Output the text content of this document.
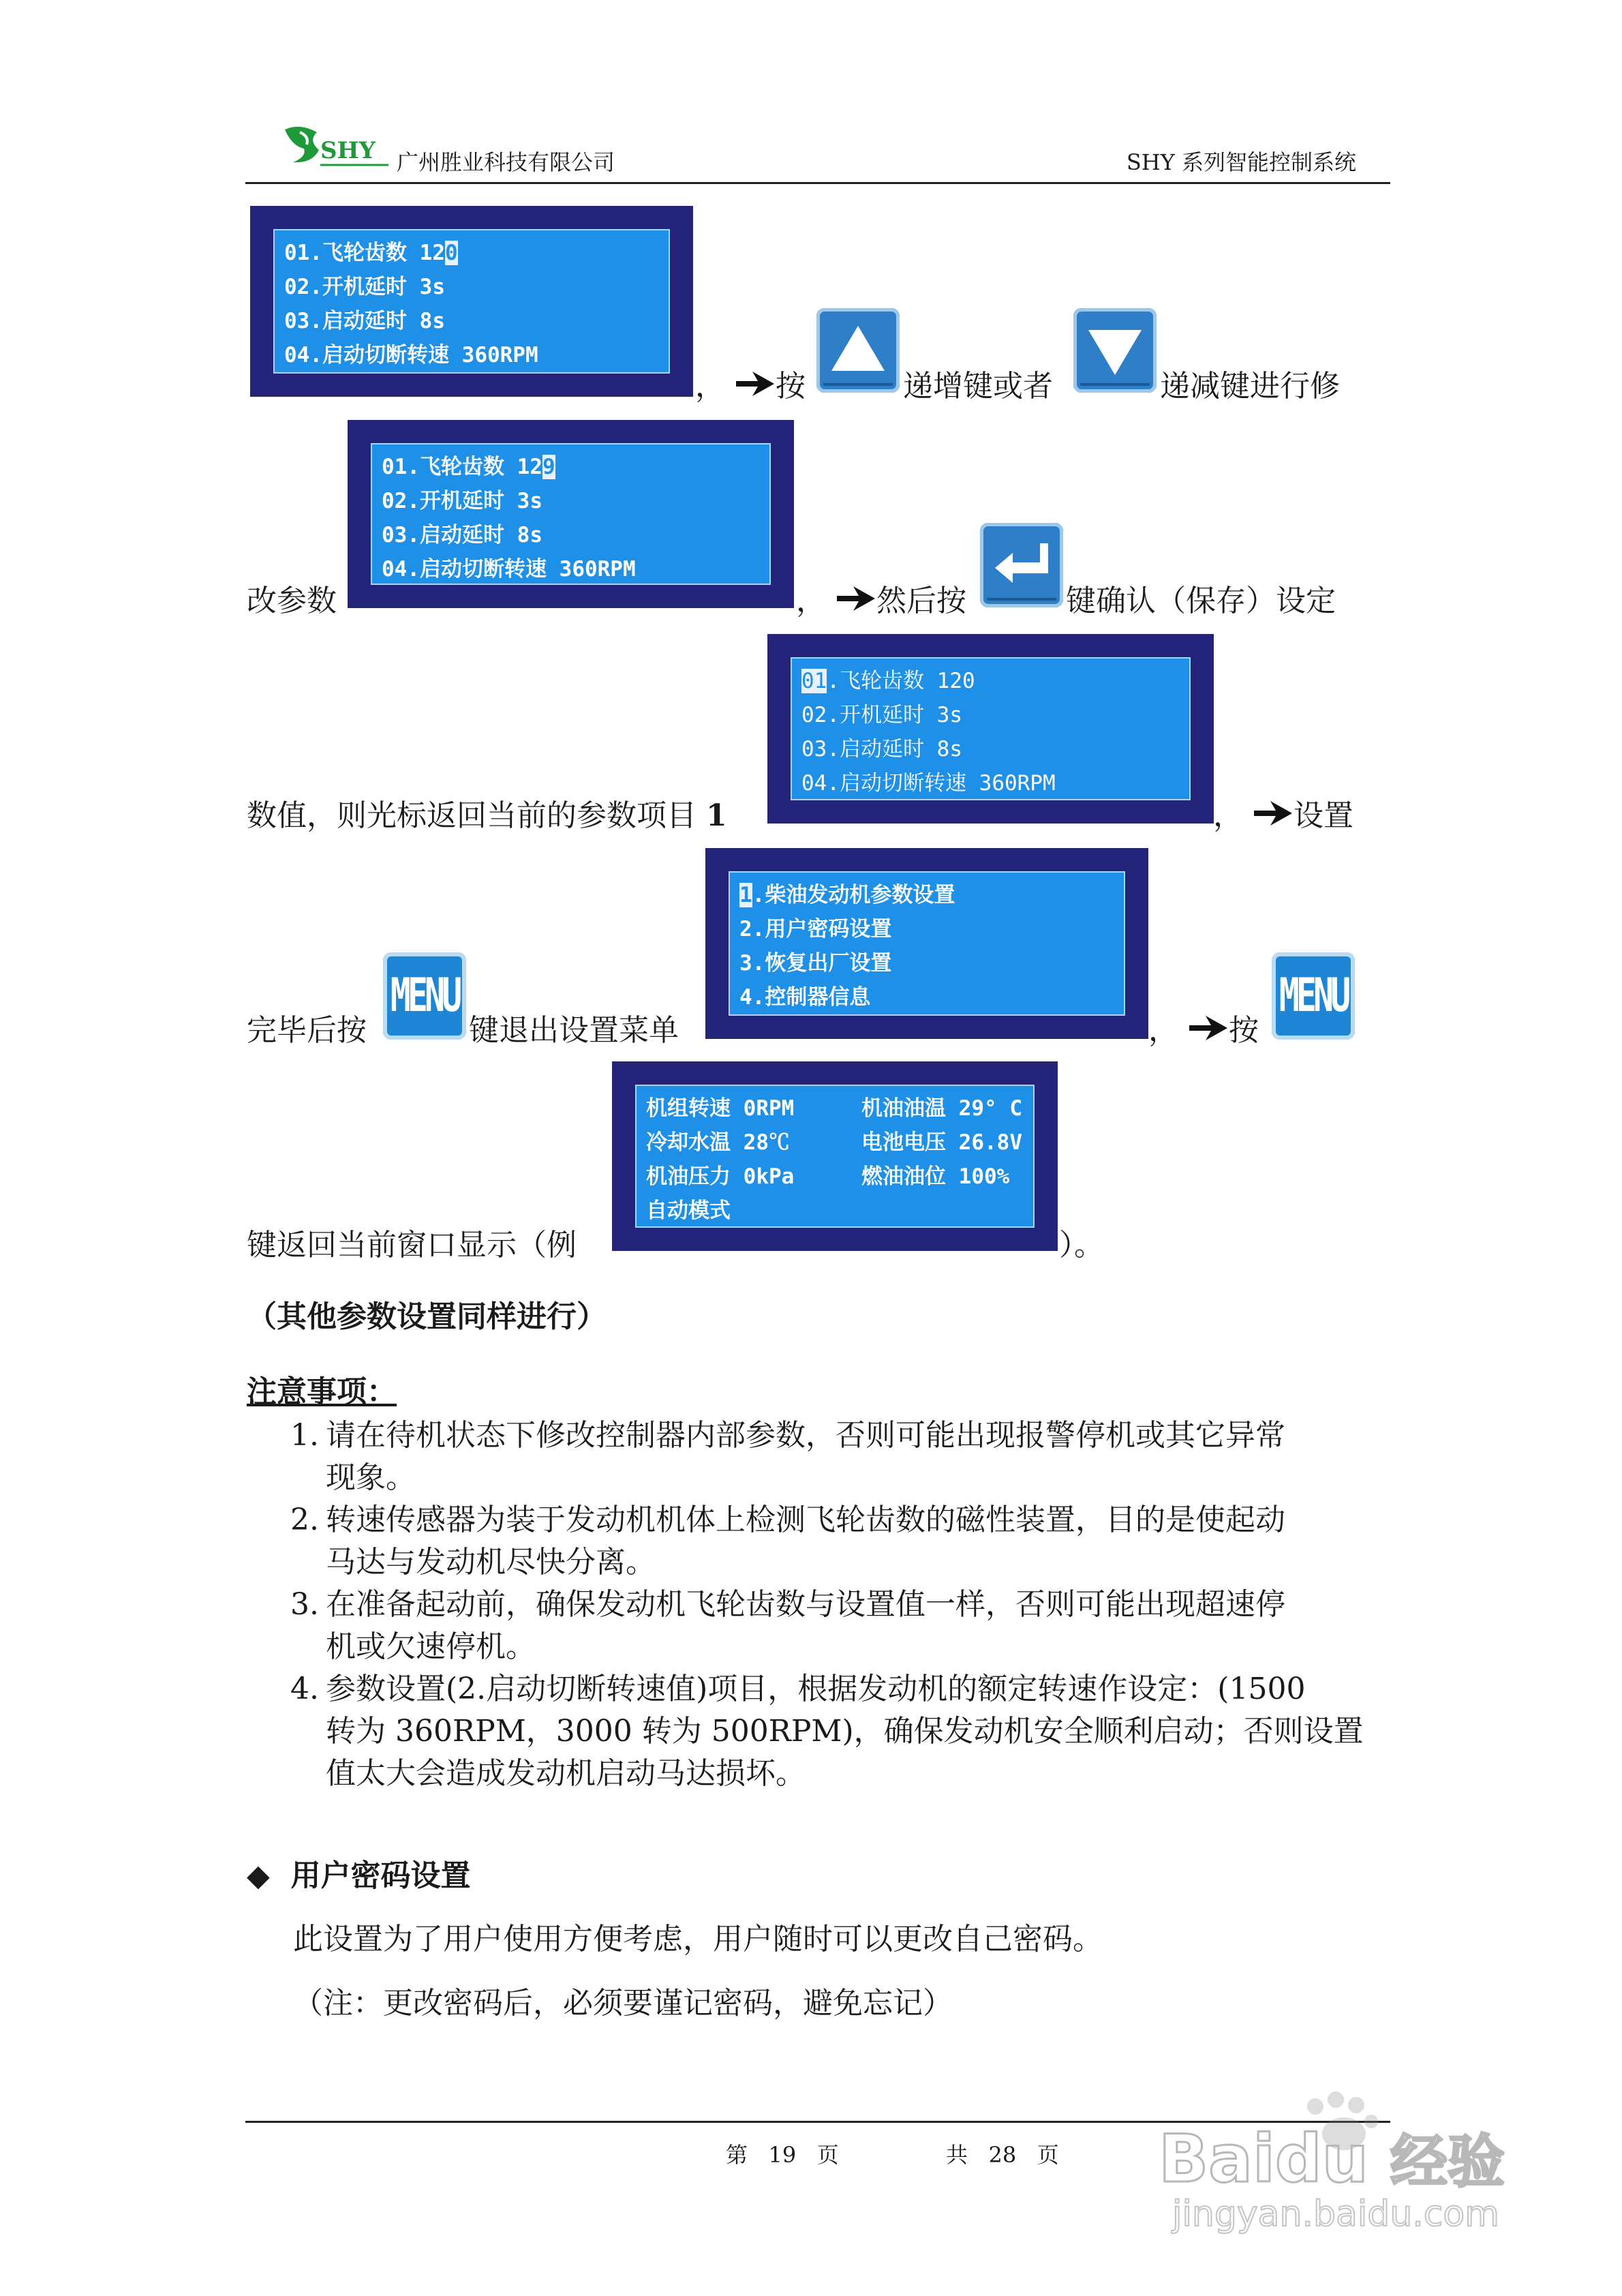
SHY 广州胜业科技有限公司	SHY 系列智能控制系统
01.飞轮齿数 120
02.开机延时 3s
03.启动延时 8s
04.启动切断转速 360RPM
， 按	递增键或者	递减键进行修
改参数
01.飞轮齿数 129
02.开机延时 3s
03.启动延时 8s
04.启动切断转速 360RPM
， 然后按	键确认（保存）设定
数值，则光标返回当前的参数项目 1
01.飞轮齿数 120
02.开机延时 3s
03.启动延时 8s
04.启动切断转速 360RPM
， 设置
完毕后按
MENU
键退出设置菜单
1.柴油发动机参数设置
2.用户密码设置
3.恢复出厂设置
4.控制器信息
， 按
MENU
键返回当前窗口显示（例
机组转速 0RPM	机油油温 29° C
冷却水温 28℃	电池电压 26.8V
机油压力 0kPa	燃油油位 100%
自动模式
）。
（其他参数设置同样进行）
注意事项：
1. 请在待机状态下修改控制器内部参数，否则可能出现报警停机或其它异常
现象。
2. 转速传感器为装于发动机机体上检测飞轮齿数的磁性装置，目的是使起动
马达与发动机尽快分离。
3. 在准备起动前，确保发动机飞轮齿数与设置值一样，否则可能出现超速停
机或欠速停机。
4. 参数设置(2.启动切断转速值)项目，根据发动机的额定转速作设定：(1500
转为 360RPM，3000 转为 500RPM)，确保发动机安全顺利启动；否则设置
值太大会造成发动机启动马达损坏。
◆ 用户密码设置
此设置为了用户使用方便考虑，用户随时可以更改自己密码。
（注：更改密码后，必须要谨记密码，避免忘记）
第 19 页	共 28 页 Baidu 经验
jingyan.baidu.com
